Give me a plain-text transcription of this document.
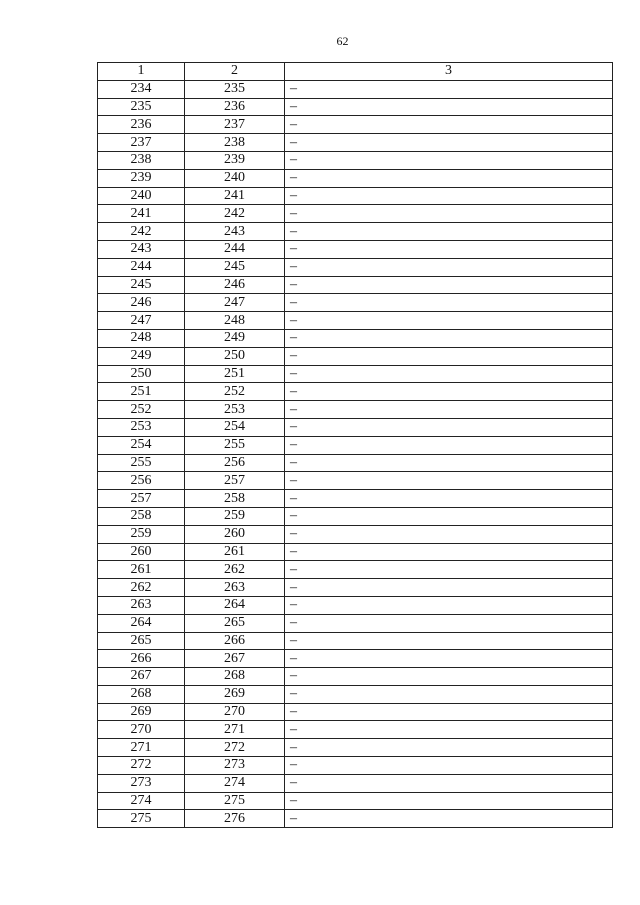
62
1	2	3
234	235	–
235	236	–
236	237	–
237	238	–
238	239	–
239	240	–
240	241	–
241	242	–
242	243	–
243	244	–
244	245	–
245	246	–
246	247	–
247	248	–
248	249	–
249	250	–
250	251	–
251	252	–
252	253	–
253	254	–
254	255	–
255	256	–
256	257	–
257	258	–
258	259	–
259	260	–
260	261	–
261	262	–
262	263	–
263	264	–
264	265	–
265	266	–
266	267	–
267	268	–
268	269	–
269	270	–
270	271	–
271	272	–
272	273	–
273	274	–
274	275	–
275	276	–
